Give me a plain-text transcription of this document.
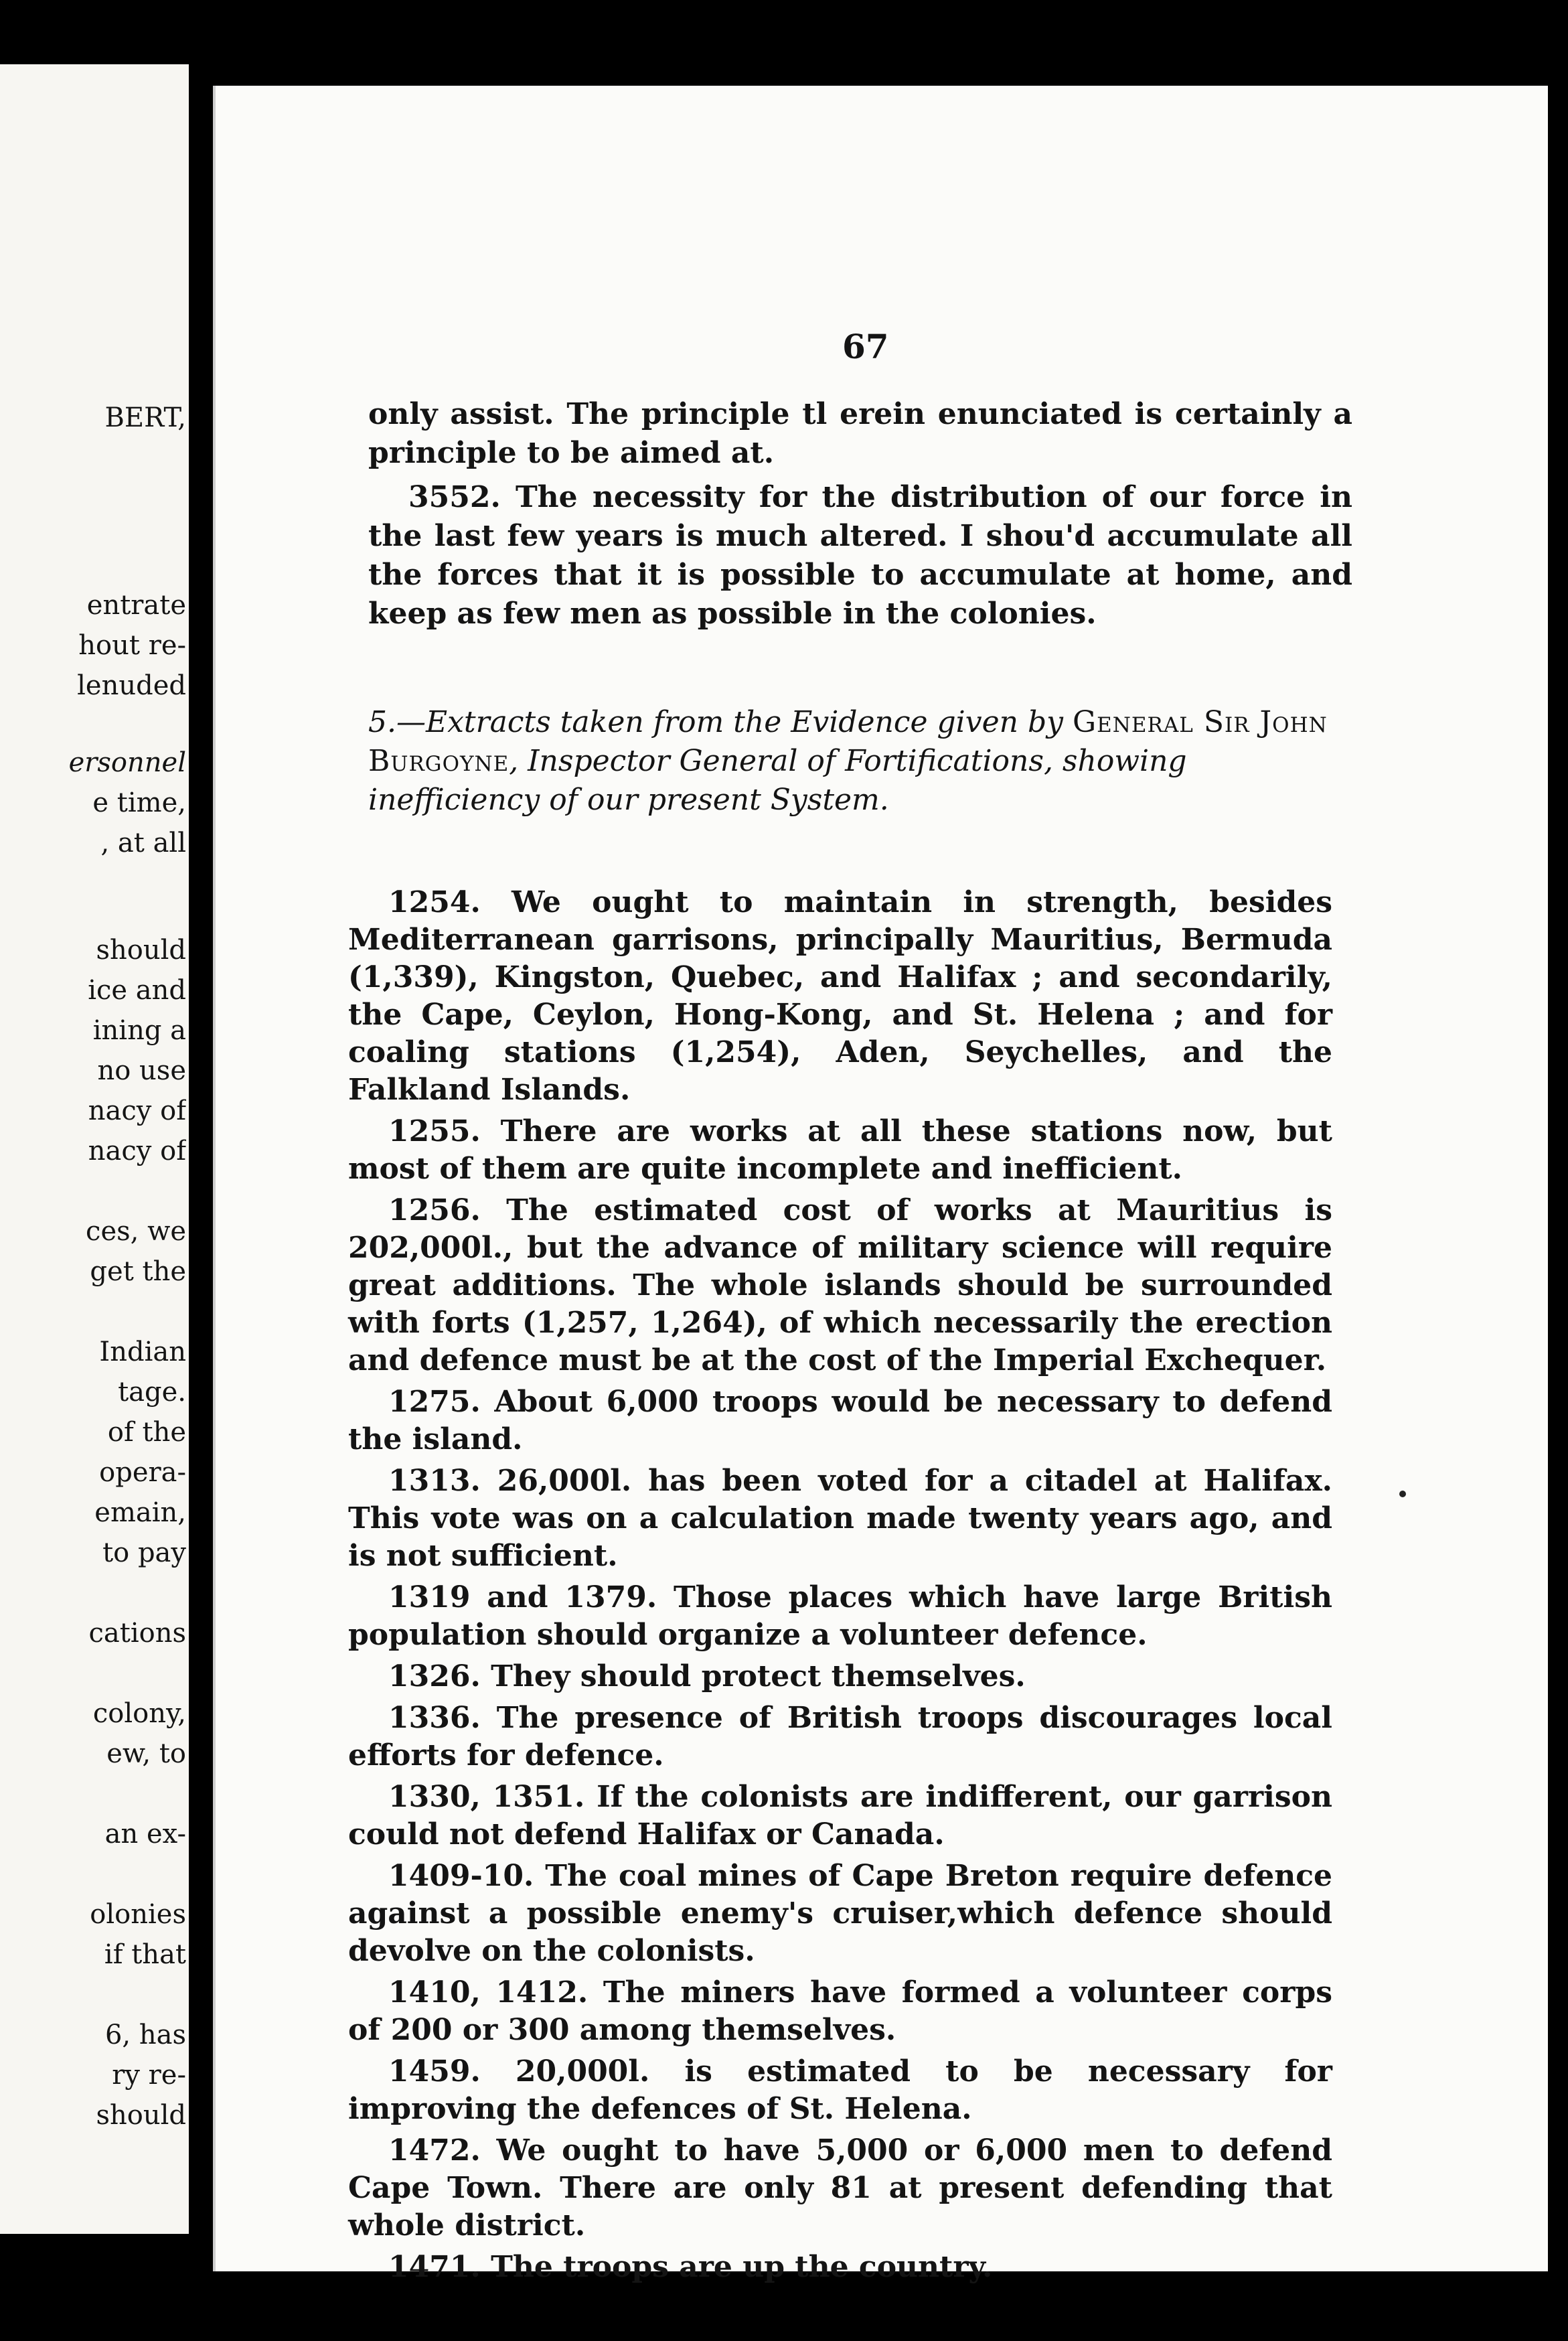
BERT,
entrate
hout re-
lenuded
ersonnel
e time,
, at all
should
ice and
ining a
no use
nacy of
nacy of
ces, we
get the
Indian
tage.
of the
opera-
emain,
to pay
cations
colony,
ew, to
an ex-
olonies
if that
6, has
ry re-
should
67

only assist. The principle tl erein enunciated is certainly a principle to be aimed at.

3552. The necessity for the distribution of our force in the last few years is much altered. I shou'd accumulate all the forces that it is possible to accumulate at home, and keep as few men as possible in the colonies.

5.—Extracts taken from the Evidence given by General Sir John Burgoyne, Inspector General of Fortifications, showing inefficiency of our present System.

1254. We ought to maintain in strength, besides Mediterranean garrisons, principally Mauritius, Bermuda (1,339), Kingston, Quebec, and Halifax ; and secondarily, the Cape, Ceylon, Hong-Kong, and St. Helena ; and for coaling stations (1,254), Aden, Seychelles, and the Falkland Islands.

1255. There are works at all these stations now, but most of them are quite incomplete and inefficient.

1256. The estimated cost of works at Mauritius is 202,000l., but the advance of military science will require great additions. The whole islands should be surrounded with forts (1,257, 1,264), of which necessarily the erection and defence must be at the cost of the Imperial Exchequer.

1275. About 6,000 troops would be necessary to defend the island.

1313. 26,000l. has been voted for a citadel at Halifax. This vote was on a calculation made twenty years ago, and is not sufficient.

1319 and 1379. Those places which have large British population should organize a volunteer defence.

1326. They should protect themselves.

1336. The presence of British troops discourages local efforts for defence.

1330, 1351. If the colonists are indifferent, our garrison could not defend Halifax or Canada.

1409-10. The coal mines of Cape Breton require defence against a possible enemy's cruiser,which defence should devolve on the colonists.

1410, 1412. The miners have formed a volunteer corps of 200 or 300 among themselves.

1459. 20,000l. is estimated to be necessary for improving the defences of St. Helena.

1472. We ought to have 5,000 or 6,000 men to defend Cape Town. There are only 81 at present defending that whole district.

1471. The troops are up the country.
